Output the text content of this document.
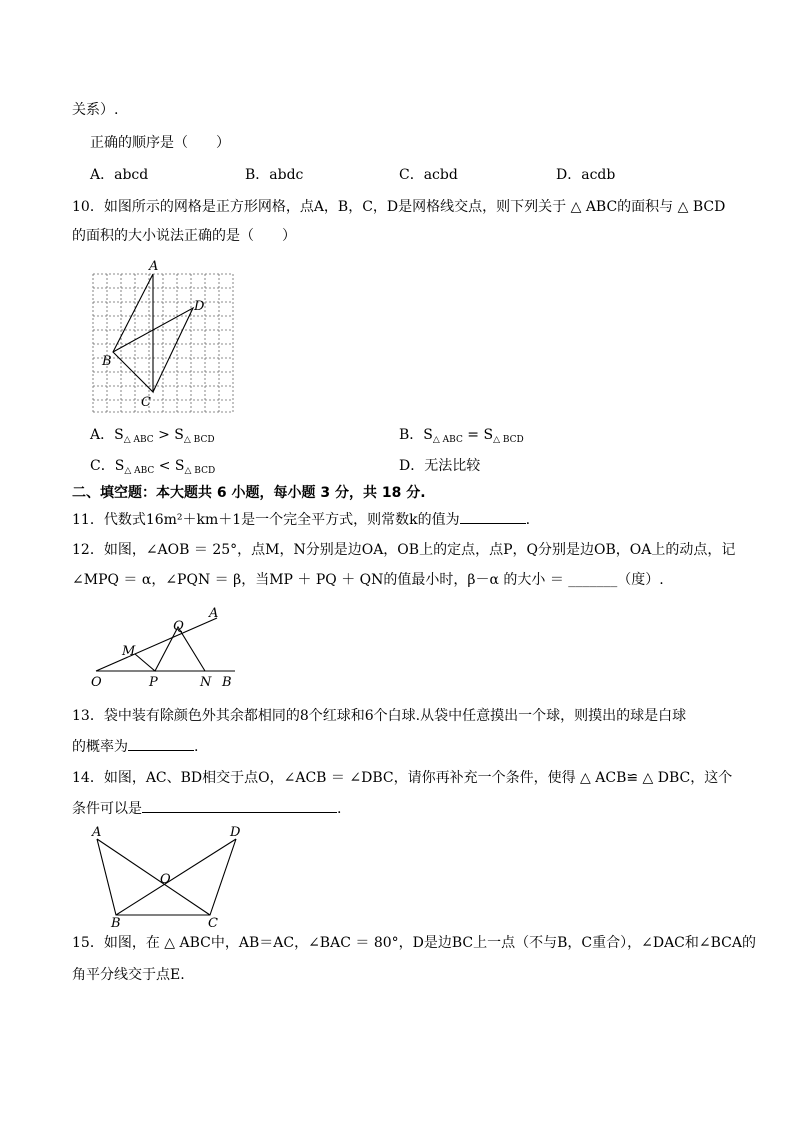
关系）.
正确的顺序是（　　）
A．abcd	B．abdc	C．acbd	D．acdb
10．如图所示的网格是正方形网格，点A，B，C，D是网格线交点，则下列关于 △ ABC的面积与 △ BCD
的面积的大小说法正确的是（　　）
A
D
B
C
A．$S_{\triangle ABC} > S_{\triangle BCD}$	B．$S_{\triangle ABC} = S_{\triangle BCD}$
C．$S_{\triangle ABC} < S_{\triangle BCD}$	D．无法比较
二、填空题：本大题共 6 小题，每小题 3 分，共 18 分.
11．代数式16m²＋km＋1是一个完全平方式，则常数k的值为	.
12．如图，∠AOB ＝ 25°，点M，N分别是边OA，OB上的定点，点P，Q分别是边OB，OA上的动点，记
∠MPQ ＝ α，∠PQN ＝ β，当MP ＋ PQ ＋ QN的值最小时，β－α 的大小 ＝ _______（度）.
A
Q
M
O	P	N B
13．袋中装有除颜色外其余都相同的8个红球和6个白球.从袋中任意摸出一个球，则摸出的球是白球
的概率为	.
14．如图，AC、BD相交于点O，∠ACB ＝ ∠DBC，请你再补充一个条件，使得 △ ACB≌ △ DBC，这个
条件可以是	.
A	D
O
B	C
15．如图，在 △ ABC中，AB＝AC，∠BAC ＝ 80°，D是边BC上一点（不与B，C重合），∠DAC和∠BCA的
角平分线交于点E.
